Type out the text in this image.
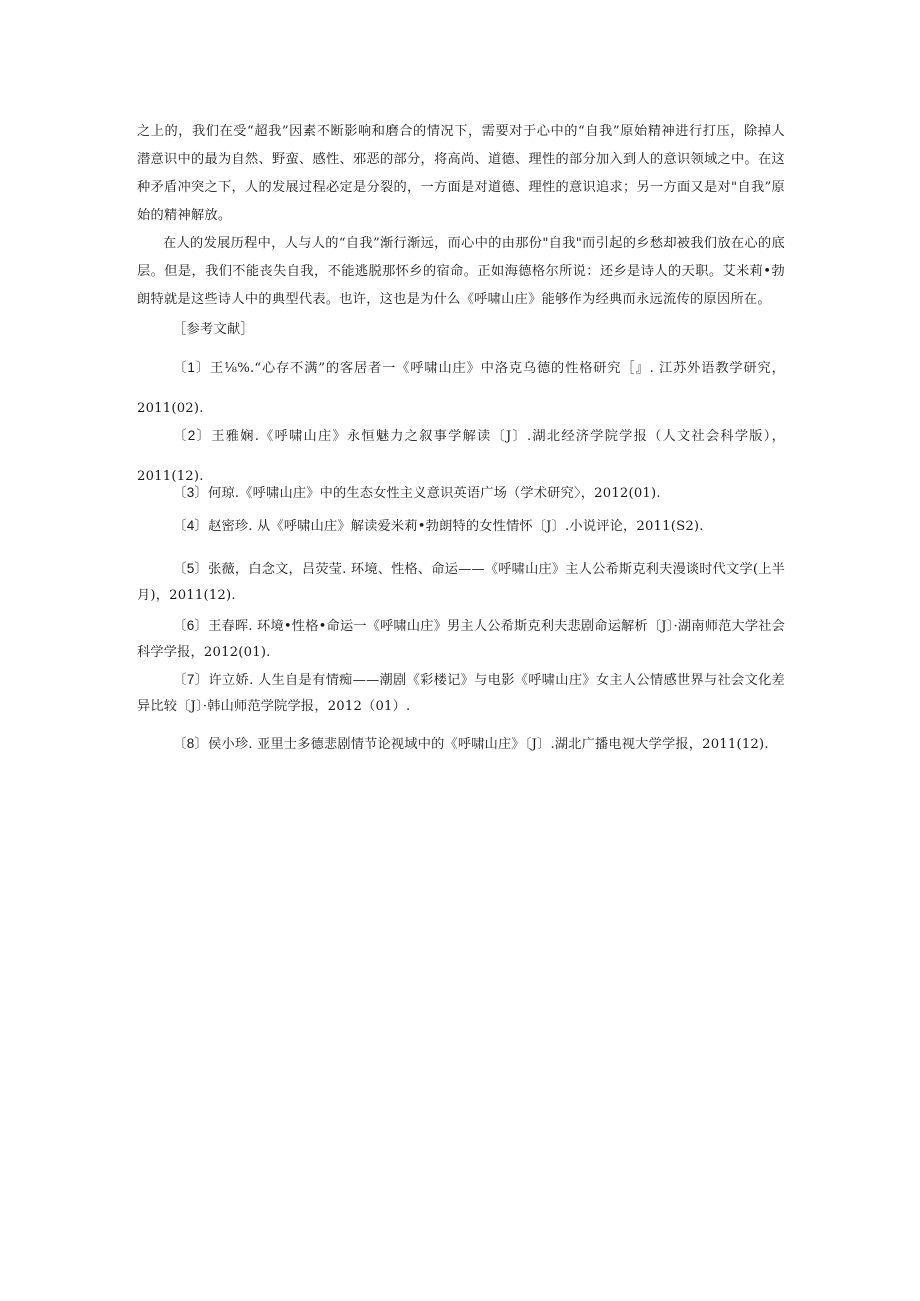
之上的，我们在受“超我”因素不断影响和磨合的情况下，需要对于心中的“自我”原始精神进行打压，除掉人潜意识中的最为自然、野蛮、感性、邪恶的部分，将高尚、道德、理性的部分加入到人的意识领域之中。在这种矛盾冲突之下，人的发展过程必定是分裂的，一方面是对道德、理性的意识追求；另一方面又是对"自我”原始的精神解放。

在人的发展历程中，人与人的“自我”渐行渐远，而心中的由那份"自我"而引起的乡愁却被我们放在心的底层。但是，我们不能丧失自我，不能逃脱那怀乡的宿命。正如海德格尔所说：还乡是诗人的天职。艾米莉•勃朗特就是这些诗人中的典型代表。也许，这也是为什么《呼啸山庄》能够作为经典而永远流传的原因所在。

［参考文献］
〔1〕王⅛%.“心存不满”的客居者一《呼啸山庄》中洛克乌德的性格研究［』. 江苏外语教学研究，2011(02).
〔2〕王雅娴.《呼啸山庄》永恒魅力之叙事学解读〔J〕.湖北经济学院学报（人文社会科学版），2011(12).
〔3〕何琼.《呼啸山庄》中的生态女性主义意识英语广场（学术研究〉，2012(01).
〔4〕赵密珍. 从《呼啸山庄》解读爱米莉•勃朗特的女性情怀〔J〕.小说评论，2011(S2).
〔5〕张薇，白念文，吕荧莹. 环境、性格、命运——《呼啸山庄》主人公希斯克利夫漫谈时代文学(上半月)，2011(12).
〔6〕王春晖. 环境•性格•命运一《呼啸山庄》男主人公希斯克利夫悲剧命运解析〔J〕·湖南师范大学社会科学学报，2012(01).
〔7〕许立娇. 人生自是有情痴——潮剧《彩楼记》与电影《呼啸山庄》女主人公情感世界与社会文化差异比较〔J〕·韩山师范学院学报，2012（01）.
〔8〕侯小珍. 亚里士多德悲剧情节论视域中的《呼啸山庄》〔J〕.湖北广播电视大学学报，2011(12).
